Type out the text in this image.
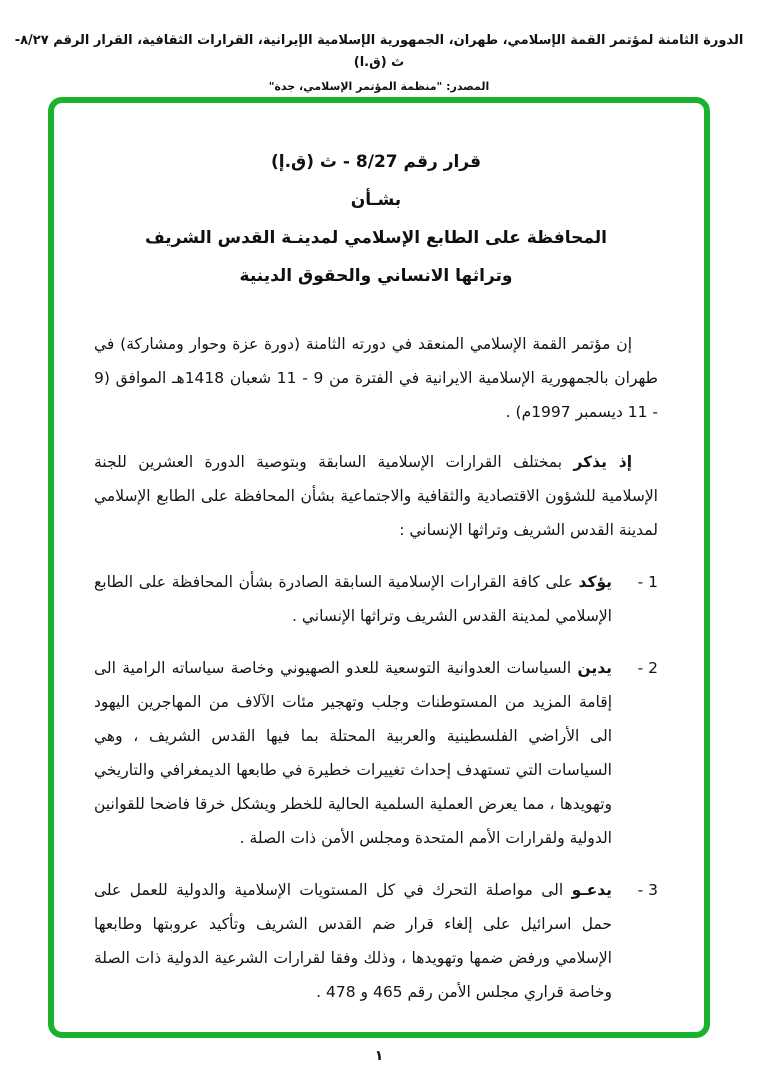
الدورة الثامنة لمؤتمر القمة الإسلامي، طهران، الجمهورية الإسلامية الإيرانية، القرارات الثقافية، القرار الرقم ٨/٢٧-ث (ق.ا)
المصدر: "منظمة المؤتمر الإسلامي، جدة"
قرار رقم 8/27 - ث (ق.إ)
بشـأن
المحافظة على الطابع الإسلامي لمدينـة القدس الشريف
وتراثها الانساني والحقوق الدينية

إن مؤتمر القمة الإسلامي المنعقد في دورته الثامنة (دورة عزة وحوار ومشاركة) في طهران بالجمهورية الإسلامية الايرانية في الفترة من 9 - 11 شعبان 1418هـ الموافق (9 - 11 ديسمبر 1997م) .

إذ يذكر بمختلف القرارات الإسلامية السابقة وبتوصية الدورة العشرين للجنة الإسلامية للشؤون الاقتصادية والثقافية والاجتماعية بشأن المحافظة على الطابع الإسلامي لمدينة القدس الشريف وتراثها الإنساني :

1 -
يؤكد على كافة القرارات الإسلامية السابقة الصادرة بشأن المحافظة على الطابع الإسلامي لمدينة القدس الشريف وتراثها الإنساني .
2 -
يدين السياسات العدوانية التوسعية للعدو الصهيوني وخاصة سياساته الرامية الى إقامة المزيد من المستوطنات وجلب وتهجير مئات الآلاف من المهاجرين اليهود الى الأراضي الفلسطينية والعربية المحتلة بما فيها القدس الشريف ، وهي السياسات التي تستهدف إحداث تغييرات خطيرة في طابعها الديمغرافي والتاريخي وتهويدها ، مما يعرض العملية السلمية الحالية للخطر ويشكل خرقا فاضحا للقوانين الدولية ولقرارات الأمم المتحدة ومجلس الأمن ذات الصلة .
3 -
يدعـو الى مواصلة التحرك في كل المستويات الإسلامية والدولية للعمل على حمل اسرائيل على إلغاء قرار ضم القدس الشريف وتأكيد عروبتها وطابعها الإسلامي ورفض ضمها وتهويدها ، وذلك وفقا لقرارات الشرعية الدولية ذات الصلة وخاصة قراري مجلس الأمن رقم 465 و 478 .
١
